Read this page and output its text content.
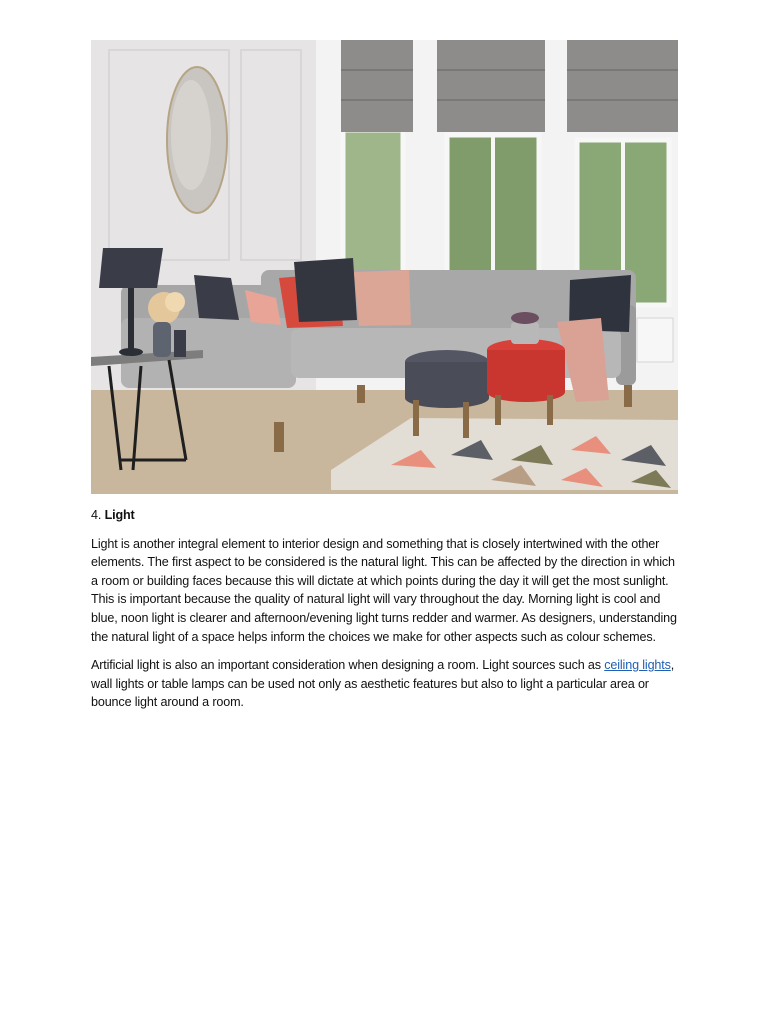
4. Light

Light is another integral element to interior design and something that is closely intertwined with the other elements. The first aspect to be considered is the natural light. This can be affected by the direction in which a room or building faces because this will dictate at which points during the day it will get the most sunlight. This is important because the quality of natural light will vary throughout the day. Morning light is cool and blue, noon light is clearer and afternoon/evening light turns redder and warmer. As designers, understanding the natural light of a space helps inform the choices we make for other aspects such as colour schemes.

Artificial light is also an important consideration when designing a room. Light sources such as ceiling lights, wall lights or table lamps can be used not only as aesthetic features but also to light a particular area or bounce light around a room.
